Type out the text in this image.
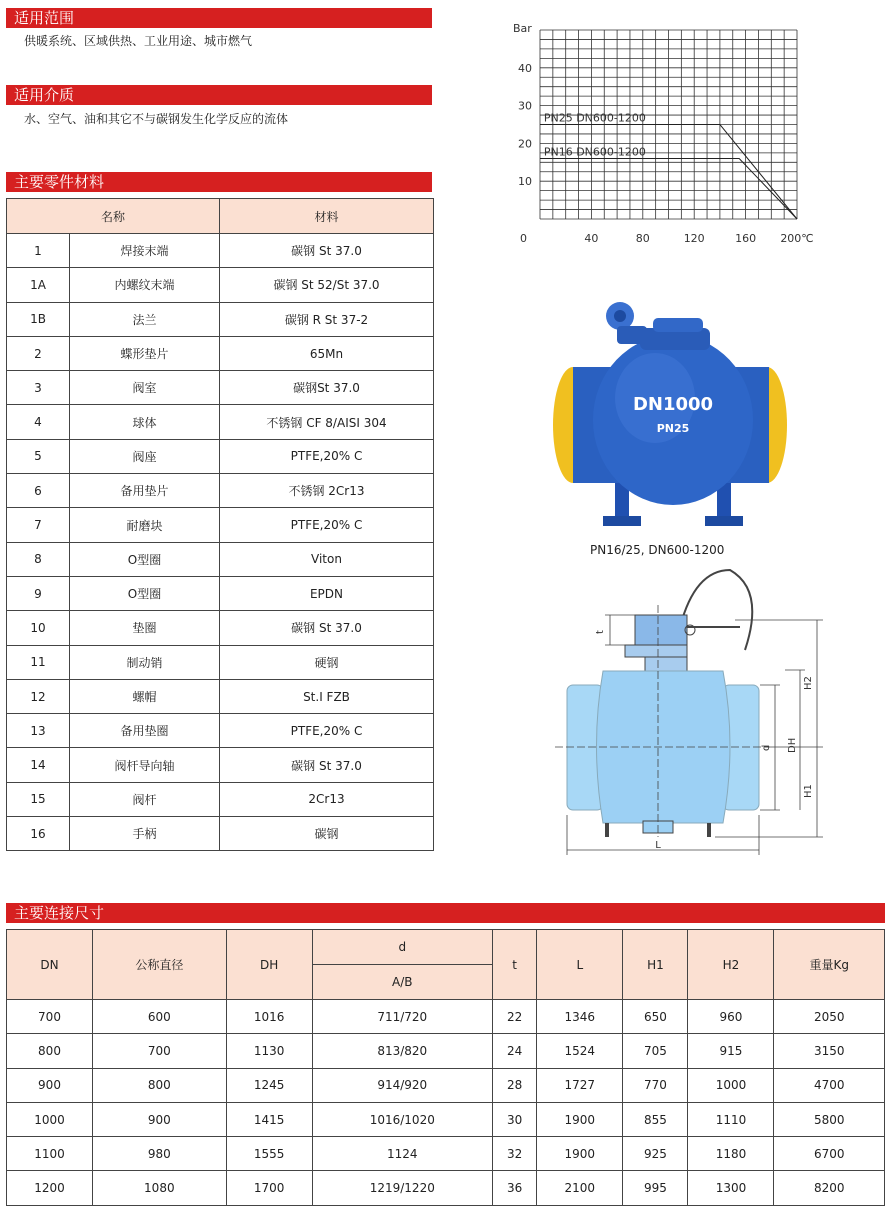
适用范围
供暖系统、区域供热、工业用途、城市燃气
适用介质
水、空气、油和其它不与碳钢发生化学反应的流体
主要零件材料
名称		材料
1	焊接末端	碳钢 St 37.0
1A	内螺纹末端	碳钢 St 52/St 37.0
1B	法兰	碳钢 R St 37-2
2	蝶形垫片	65Mn
3	阀室	碳钢St 37.0
4	球体	不锈钢 CF 8/AISI 304
5	阀座	PTFE,20% C
6	备用垫片	不锈钢 2Cr13
7	耐磨块	PTFE,20% C
8	O型圈	Viton
9	O型圈	EPDN
10	垫圈	碳钢 St 37.0
11	制动销	硬钢
12	螺帽	St.I FZB
13	备用垫圈	PTFE,20% C
14	阀杆导向轴	碳钢 St 37.0
15	阀杆	2Cr13
16	手柄	碳钢
Bar
10
20
30
40
0	40	80	120	160 200℃
PN25 DN600-1200
PN16 DN600-1200
DN1000
PN25
PN16/25, DN600-1200
t
d DH
H2
H1
L
主要连接尺寸
DN	公称直径	DH	d	t	L	H1	H2	重量Kg
			A/B					
700	600	1016	711/720	22	1346	650	960	2050
800	700	1130	813/820	24	1524	705	915	3150
900	800	1245	914/920	28	1727	770	1000	4700
1000	900	1415	1016/1020	30	1900	855	1110	5800
1100	980	1555	1124	32	1900	925	1180	6700
1200	1080	1700	1219/1220	36	2100	995	1300	8200
